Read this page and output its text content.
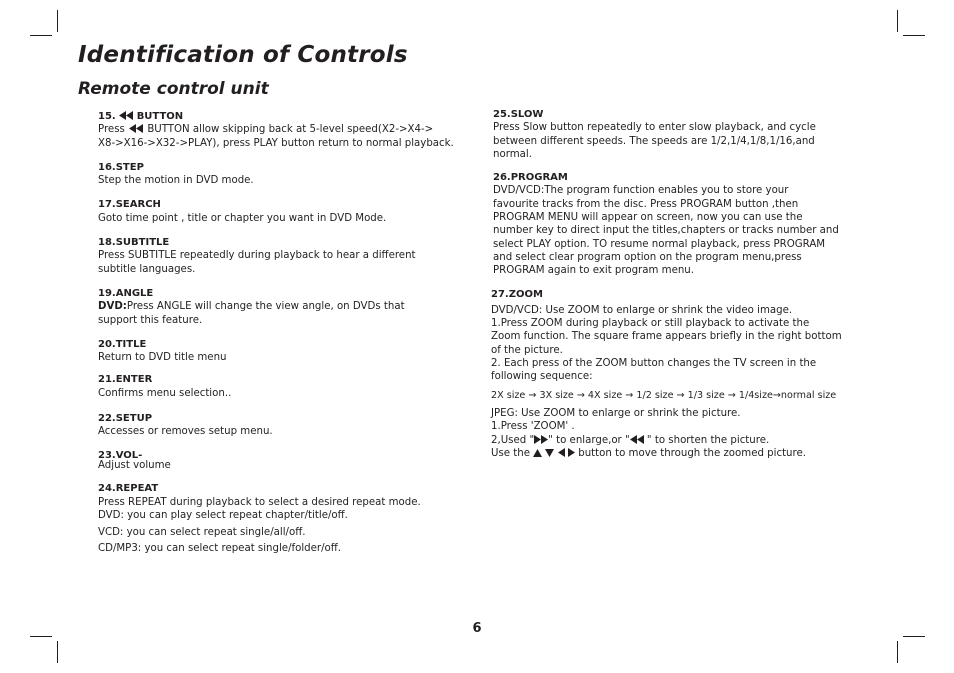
Identification of Controls
Remote control unit

15. BUTTON

Press BUTTON allow skipping back at 5-level speed(X2->X4->

X8->X16->X32->PLAY), press PLAY button return to normal playback.

16.STEP

Step the motion in DVD mode.

17.SEARCH

Goto time point , title or chapter you want in DVD Mode.

18.SUBTITLE

Press SUBTITLE repeatedly during playback to hear a different

subtitle languages.

19.ANGLE

DVD:Press ANGLE will change the view angle, on DVDs that

support this feature.

20.TITLE

Return to DVD title menu

21.ENTER

Confirms menu selection..

22.SETUP

Accesses or removes setup menu.

23.VOL-

Adjust volume

24.REPEAT

Press REPEAT during playback to select a desired repeat mode.

DVD: you can play select repeat chapter/title/off.

VCD: you can select repeat single/all/off.

CD/MP3: you can select repeat single/folder/off.

25.SLOW

Press Slow button repeatedly to enter slow playback, and cycle

between different speeds. The speeds are 1/2,1/4,1/8,1/16,and

normal.

26.PROGRAM

DVD/VCD:The program function enables you to store your

favourite tracks from the disc. Press PROGRAM button ,then

PROGRAM MENU will appear on screen, now you can use the

number key to direct input the titles,chapters or tracks number and

select PLAY option. TO resume normal playback, press PROGRAM

and select clear program option on the program menu,press

PROGRAM again to exit program menu.

27.ZOOM

DVD/VCD: Use ZOOM to enlarge or shrink the video image.

1.Press ZOOM during playback or still playback to activate the

Zoom function. The square frame appears briefly in the right bottom

of the picture.

2. Each press of the ZOOM button changes the TV screen in the

following sequence:

2X size → 3X size → 4X size → 1/2 size → 1/3 size → 1/4size→normal size

JPEG: Use ZOOM to enlarge or shrink the picture.

1.Press 'ZOOM' .

2,Used " " to enlarge,or "
" to shorten the picture.

Use the

	button to move through the zoomed picture.

6
